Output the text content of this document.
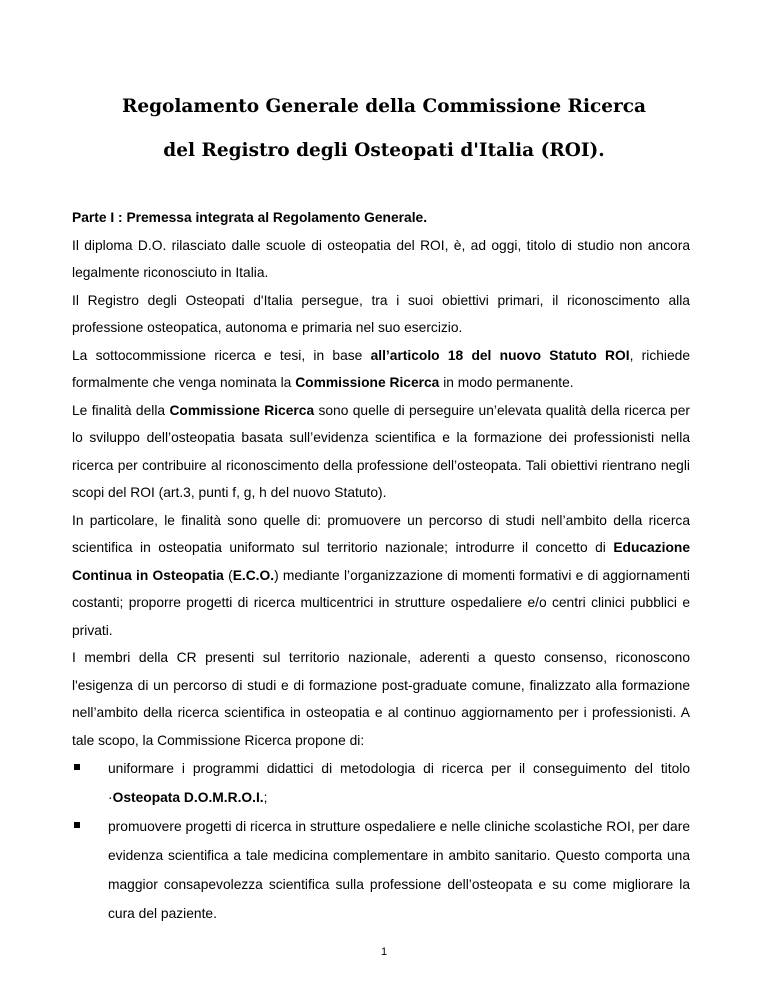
Regolamento Generale della Commissione Ricerca
del Registro degli Osteopati d'Italia (ROI).

Parte I : Premessa integrata al Regolamento Generale.

Il diploma D.O. rilasciato dalle scuole di osteopatia del ROI, è, ad oggi, titolo di studio non ancora legalmente riconosciuto in Italia.

Il Registro degli Osteopati d'Italia persegue, tra i suoi obiettivi primari, il riconoscimento alla professione osteopatica, autonoma e primaria nel suo esercizio.

La sottocommissione ricerca e tesi, in base all’articolo 18 del nuovo Statuto ROI, richiede formalmente che venga nominata la Commissione Ricerca in modo permanente.

Le finalità della Commissione Ricerca sono quelle di perseguire un’elevata qualità della ricerca per lo sviluppo dell’osteopatia basata sull’evidenza scientifica e la formazione dei professionisti nella ricerca per contribuire al riconoscimento della professione dell’osteopata. Tali obiettivi rientrano negli scopi del ROI (art.3, punti f, g, h del nuovo Statuto).

In particolare, le finalità sono quelle di: promuovere un percorso di studi nell’ambito della ricerca scientifica in osteopatia uniformato sul territorio nazionale; introdurre il concetto di Educazione Continua in Osteopatia (E.C.O.) mediante l’organizzazione di momenti formativi e di aggiornamenti costanti; proporre progetti di ricerca multicentrici in strutture ospedaliere e/o centri clinici pubblici e privati.

I membri della CR presenti sul territorio nazionale, aderenti a questo consenso, riconoscono l'esigenza di un percorso di studi e di formazione post-graduate comune, finalizzato alla formazione nell’ambito della ricerca scientifica in osteopatia e al continuo aggiornamento per i professionisti. A tale scopo, la Commissione Ricerca propone di:

uniformare i programmi didattici di metodologia di ricerca per il conseguimento del titolo ·Osteopata D.O.M.R.O.I.;
promuovere progetti di ricerca in strutture ospedaliere e nelle cliniche scolastiche ROI, per dare evidenza scientifica a tale medicina complementare in ambito sanitario. Questo comporta una maggior consapevolezza scientifica sulla professione dell’osteopata e su come migliorare la cura del paziente.
1
